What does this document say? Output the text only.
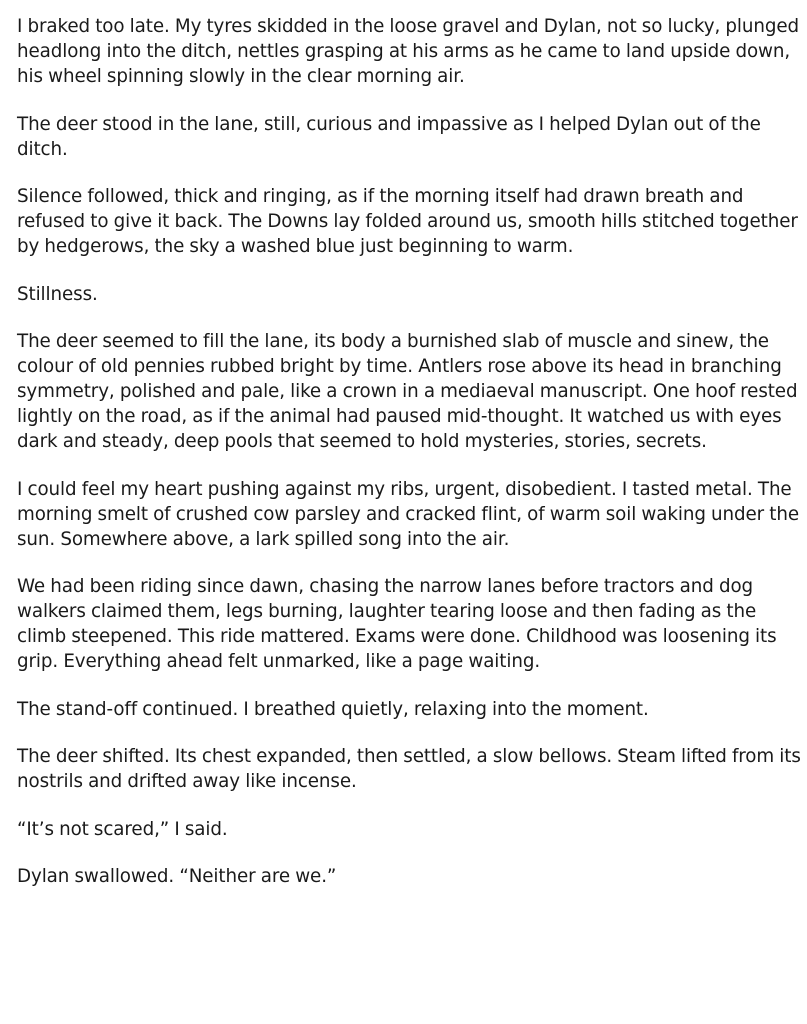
I braked too late. My tyres skidded in the loose gravel and Dylan, not so lucky, plunged headlong into the ditch, nettles grasping at his arms as he came to land upside down, his wheel spinning slowly in the clear morning air.

The deer stood in the lane, still, curious and impassive as I helped Dylan out of the ditch.

Silence followed, thick and ringing, as if the morning itself had drawn breath and refused to give it back. The Downs lay folded around us, smooth hills stitched together by hedgerows, the sky a washed blue just beginning to warm.

Stillness.

The deer seemed to fill the lane, its body a burnished slab of muscle and sinew, the colour of old pennies rubbed bright by time. Antlers rose above its head in branching symmetry, polished and pale, like a crown in a mediaeval manuscript. One hoof rested lightly on the road, as if the animal had paused mid-thought. It watched us with eyes dark and steady, deep pools that seemed to hold mysteries, stories, secrets.

I could feel my heart pushing against my ribs, urgent, disobedient. I tasted metal. The morning smelt of crushed cow parsley and cracked flint, of warm soil waking under the sun. Somewhere above, a lark spilled song into the air.

We had been riding since dawn, chasing the narrow lanes before tractors and dog walkers claimed them, legs burning, laughter tearing loose and then fading as the climb steepened. This ride mattered. Exams were done. Childhood was loosening its grip. Everything ahead felt unmarked, like a page waiting.

The stand-off continued. I breathed quietly, relaxing into the moment.

The deer shifted. Its chest expanded, then settled, a slow bellows. Steam lifted from its nostrils and drifted away like incense.

“It’s not scared,” I said.

Dylan swallowed. “Neither are we.”
